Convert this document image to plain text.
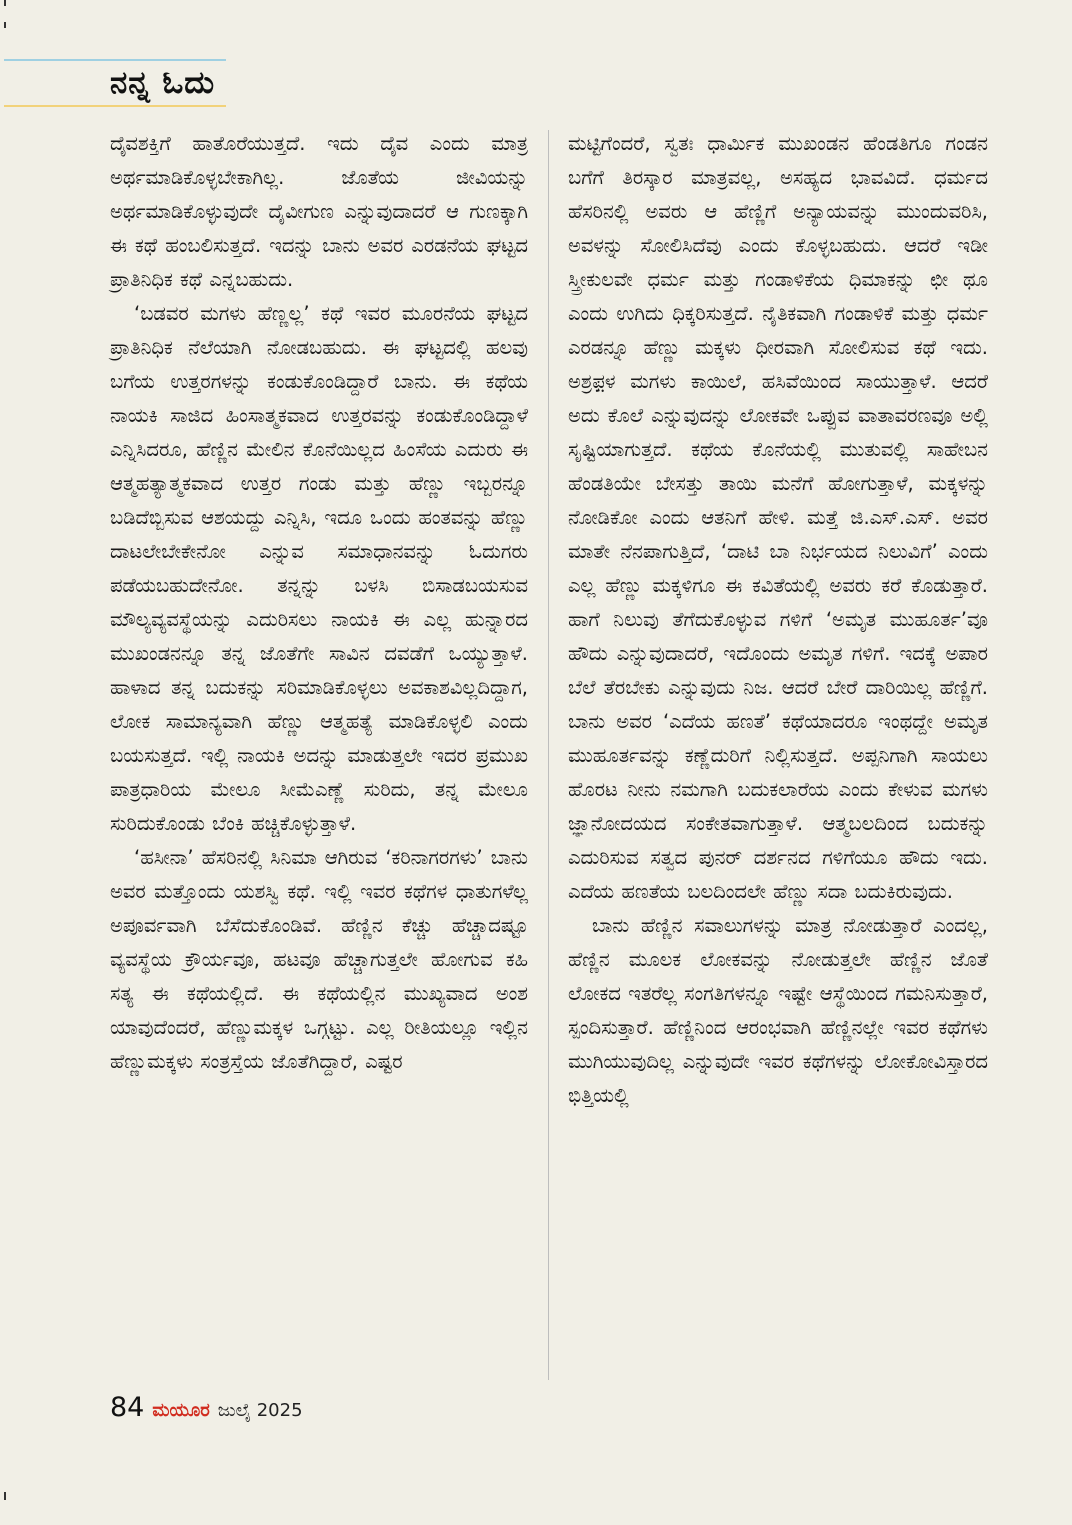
ನನ್ನ ಓದು

ದೈವಶಕ್ತಿಗೆ ಹಾತೊರೆಯುತ್ತದೆ. ಇದು ದೈವ ಎಂದು ಮಾತ್ರ ಅರ್ಥಮಾಡಿಕೊಳ್ಳಬೇಕಾಗಿಲ್ಲ. ಜೊತೆಯ ಜೀವಿಯನ್ನು ಅರ್ಥಮಾಡಿಕೊಳ್ಳುವುದೇ ದೈವೀಗುಣ ಎನ್ನುವುದಾದರೆ ಆ ಗುಣಕ್ಕಾಗಿ ಈ ಕಥೆ ಹಂಬಲಿಸುತ್ತದೆ. ಇದನ್ನು ಬಾನು ಅವರ ಎರಡನೆಯ ಘಟ್ಟದ ಪ್ರಾತಿನಿಧಿಕ ಕಥೆ ಎನ್ನಬಹುದು.

‘ಬಡವರ ಮಗಳು ಹೆಣ್ಣಲ್ಲ’ ಕಥೆ ಇವರ ಮೂರನೆಯ ಘಟ್ಟದ ಪ್ರಾತಿನಿಧಿಕ ನೆಲೆಯಾಗಿ ನೋಡಬಹುದು. ಈ ಘಟ್ಟದಲ್ಲಿ ಹಲವು ಬಗೆಯ ಉತ್ತರಗಳನ್ನು ಕಂಡುಕೊಂಡಿದ್ದಾರೆ ಬಾನು. ಈ ಕಥೆಯ ನಾಯಕಿ ಸಾಜಿದ ಹಿಂಸಾತ್ಮಕವಾದ ಉತ್ತರವನ್ನು ಕಂಡುಕೊಂಡಿದ್ದಾಳೆ ಎನ್ನಿಸಿದರೂ, ಹೆಣ್ಣಿನ ಮೇಲಿನ ಕೊನೆಯಿಲ್ಲದ ಹಿಂಸೆಯ ಎದುರು ಈ ಆತ್ಮಹತ್ಯಾತ್ಮಕವಾದ ಉತ್ತರ ಗಂಡು ಮತ್ತು ಹೆಣ್ಣು ಇಬ್ಬರನ್ನೂ ಬಡಿದೆಬ್ಬಿಸುವ ಆಶಯದ್ದು ಎನ್ನಿಸಿ, ಇದೂ ಒಂದು ಹಂತವನ್ನು ಹೆಣ್ಣು ದಾಟಲೇಬೇಕೇನೋ ಎನ್ನುವ ಸಮಾಧಾನವನ್ನು ಓದುಗರು ಪಡೆಯಬಹುದೇನೋ. ತನ್ನನ್ನು ಬಳಸಿ ಬಿಸಾಡಬಯಸುವ ಮೌಲ್ಯವ್ಯವಸ್ಥೆಯನ್ನು ಎದುರಿಸಲು ನಾಯಕಿ ಈ ಎಲ್ಲ ಹುನ್ನಾರದ ಮುಖಂಡನನ್ನೂ ತನ್ನ ಜೊತೆಗೇ ಸಾವಿನ ದವಡೆಗೆ ಒಯ್ಯುತ್ತಾಳೆ. ಹಾಳಾದ ತನ್ನ ಬದುಕನ್ನು ಸರಿಮಾಡಿಕೊಳ್ಳಲು ಅವಕಾಶವಿಲ್ಲದಿದ್ದಾಗ, ಲೋಕ ಸಾಮಾನ್ಯವಾಗಿ ಹೆಣ್ಣು ಆತ್ಮಹತ್ಯೆ ಮಾಡಿಕೊಳ್ಳಲಿ ಎಂದು ಬಯಸುತ್ತದೆ. ಇಲ್ಲಿ ನಾಯಕಿ ಅದನ್ನು ಮಾಡುತ್ತಲೇ ಇದರ ಪ್ರಮುಖ ಪಾತ್ರಧಾರಿಯ ಮೇಲೂ ಸೀಮೆಎಣ್ಣೆ ಸುರಿದು, ತನ್ನ ಮೇಲೂ ಸುರಿದುಕೊಂಡು ಬೆಂಕಿ ಹಚ್ಚಿಕೊಳ್ಳುತ್ತಾಳೆ.

‘ಹಸೀನಾ’ ಹೆಸರಿನಲ್ಲಿ ಸಿನಿಮಾ ಆಗಿರುವ ‘ಕರಿನಾಗರಗಳು’ ಬಾನು ಅವರ ಮತ್ತೊಂದು ಯಶಸ್ವಿ ಕಥೆ. ಇಲ್ಲಿ ಇವರ ಕಥೆಗಳ ಧಾತುಗಳೆಲ್ಲ ಅಪೂರ್ವವಾಗಿ ಬೆಸೆದುಕೊಂಡಿವೆ. ಹೆಣ್ಣಿನ ಕೆಚ್ಚು ಹೆಚ್ಚಾದಷ್ಟೂ ವ್ಯವಸ್ಥೆಯ ಕ್ರೌರ್ಯವೂ, ಹಟವೂ ಹೆಚ್ಚಾಗುತ್ತಲೇ ಹೋಗುವ ಕಹಿ ಸತ್ಯ ಈ ಕಥೆಯಲ್ಲಿದೆ. ಈ ಕಥೆಯಲ್ಲಿನ ಮುಖ್ಯವಾದ ಅಂಶ ಯಾವುದೆಂದರೆ, ಹೆಣ್ಣುಮಕ್ಕಳ ಒಗ್ಗಟ್ಟು. ಎಲ್ಲ ರೀತಿಯಲ್ಲೂ ಇಲ್ಲಿನ ಹೆಣ್ಣುಮಕ್ಕಳು ಸಂತ್ರಸ್ತೆಯ ಜೊತೆಗಿದ್ದಾರೆ, ಎಷ್ಟರ

ಮಟ್ಟಿಗೆಂದರೆ, ಸ್ವತಃ ಧಾರ್ಮಿಕ ಮುಖಂಡನ ಹೆಂಡತಿಗೂ ಗಂಡನ ಬಗೆಗೆ ತಿರಸ್ಕಾರ ಮಾತ್ರವಲ್ಲ, ಅಸಹ್ಯದ ಭಾವವಿದೆ. ಧರ್ಮದ ಹೆಸರಿನಲ್ಲಿ ಅವರು ಆ ಹೆಣ್ಣಿಗೆ ಅನ್ಯಾಯವನ್ನು ಮುಂದುವರಿಸಿ, ಅವಳನ್ನು ಸೋಲಿಸಿದೆವು ಎಂದು ಕೊಳ್ಳಬಹುದು. ಆದರೆ ಇಡೀ ಸ್ತ್ರೀಕುಲವೇ ಧರ್ಮ ಮತ್ತು ಗಂಡಾಳಿಕೆಯ ಧಿಮಾಕನ್ನು ಛೀ ಥೂ ಎಂದು ಉಗಿದು ಧಿಕ್ಕರಿಸುತ್ತದೆ. ನೈತಿಕವಾಗಿ ಗಂಡಾಳಿಕೆ ಮತ್ತು ಧರ್ಮ ಎರಡನ್ನೂ ಹೆಣ್ಣು ಮಕ್ಕಳು ಧೀರವಾಗಿ ಸೋಲಿಸುವ ಕಥೆ ಇದು. ಅಶ್ರಫ಼ಳ ಮಗಳು ಕಾಯಿಲೆ, ಹಸಿವೆಯಿಂದ ಸಾಯುತ್ತಾಳೆ. ಆದರೆ ಅದು ಕೊಲೆ ಎನ್ನುವುದನ್ನು ಲೋಕವೇ ಒಪ್ಪುವ ವಾತಾವರಣವೂ ಅಲ್ಲಿ ಸೃಷ್ಟಿಯಾಗುತ್ತದೆ. ಕಥೆಯ ಕೊನೆಯಲ್ಲಿ ಮುತುವಲ್ಲಿ ಸಾಹೇಬನ ಹೆಂಡತಿಯೇ ಬೇಸತ್ತು ತಾಯಿ ಮನೆಗೆ ಹೋಗುತ್ತಾಳೆ, ಮಕ್ಕಳನ್ನು ನೋಡಿಕೋ ಎಂದು ಆತನಿಗೆ ಹೇಳಿ. ಮತ್ತೆ ಜಿ.ಎಸ್.ಎಸ್. ಅವರ ಮಾತೇ ನೆನಪಾಗುತ್ತಿದೆ, ‘ದಾಟಿ ಬಾ ನಿರ್ಭಯದ ನಿಲುವಿಗೆ’ ಎಂದು ಎಲ್ಲ ಹೆಣ್ಣು ಮಕ್ಕಳಿಗೂ ಈ ಕವಿತೆಯಲ್ಲಿ ಅವರು ಕರೆ ಕೊಡುತ್ತಾರೆ. ಹಾಗೆ ನಿಲುವು ತೆಗೆದುಕೊಳ್ಳುವ ಗಳಿಗೆ ‘ಅಮೃತ ಮುಹೂರ್ತ’ವೂ ಹೌದು ಎನ್ನುವುದಾದರೆ, ಇದೊಂದು ಅಮೃತ ಗಳಿಗೆ. ಇದಕ್ಕೆ ಅಪಾರ ಬೆಲೆ ತೆರಬೇಕು ಎನ್ನುವುದು ನಿಜ. ಆದರೆ ಬೇರೆ ದಾರಿಯಿಲ್ಲ ಹೆಣ್ಣಿಗೆ. ಬಾನು ಅವರ ‘ಎದೆಯ ಹಣತೆ’ ಕಥೆಯಾದರೂ ಇಂಥದ್ದೇ ಅಮೃತ ಮುಹೂರ್ತವನ್ನು ಕಣ್ಣೆದುರಿಗೆ ನಿಲ್ಲಿಸುತ್ತದೆ. ಅಪ್ಪನಿಗಾಗಿ ಸಾಯಲು ಹೊರಟ ನೀನು ನಮಗಾಗಿ ಬದುಕಲಾರೆಯ ಎಂದು ಕೇಳುವ ಮಗಳು ಜ್ಞಾನೋದಯದ ಸಂಕೇತವಾಗುತ್ತಾಳೆ. ಆತ್ಮಬಲದಿಂದ ಬದುಕನ್ನು ಎದುರಿಸುವ ಸತ್ವದ ಪುನರ್ ದರ್ಶನದ ಗಳಿಗೆಯೂ ಹೌದು ಇದು. ಎದೆಯ ಹಣತೆಯ ಬಲದಿಂದಲೇ ಹೆಣ್ಣು ಸದಾ ಬದುಕಿರುವುದು.

ಬಾನು ಹೆಣ್ಣಿನ ಸವಾಲುಗಳನ್ನು ಮಾತ್ರ ನೋಡುತ್ತಾರೆ ಎಂದಲ್ಲ, ಹೆಣ್ಣಿನ ಮೂಲಕ ಲೋಕವನ್ನು ನೋಡುತ್ತಲೇ ಹೆಣ್ಣಿನ ಜೊತೆ ಲೋಕದ ಇತರೆಲ್ಲ ಸಂಗತಿಗಳನ್ನೂ ಇಷ್ಟೇ ಆಸ್ಥೆಯಿಂದ ಗಮನಿಸುತ್ತಾರೆ, ಸ್ಪಂದಿಸುತ್ತಾರೆ. ಹೆಣ್ಣಿನಿಂದ ಆರಂಭವಾಗಿ ಹೆಣ್ಣಿನಲ್ಲೇ ಇವರ ಕಥೆಗಳು ಮುಗಿಯುವುದಿಲ್ಲ ಎನ್ನುವುದೇ ಇವರ ಕಥೆಗಳನ್ನು ಲೋಕೋವಿಸ್ತಾರದ ಭಿತ್ತಿಯಲ್ಲಿ

84 ಮಯೂರ ಜುಲೈ 2025
